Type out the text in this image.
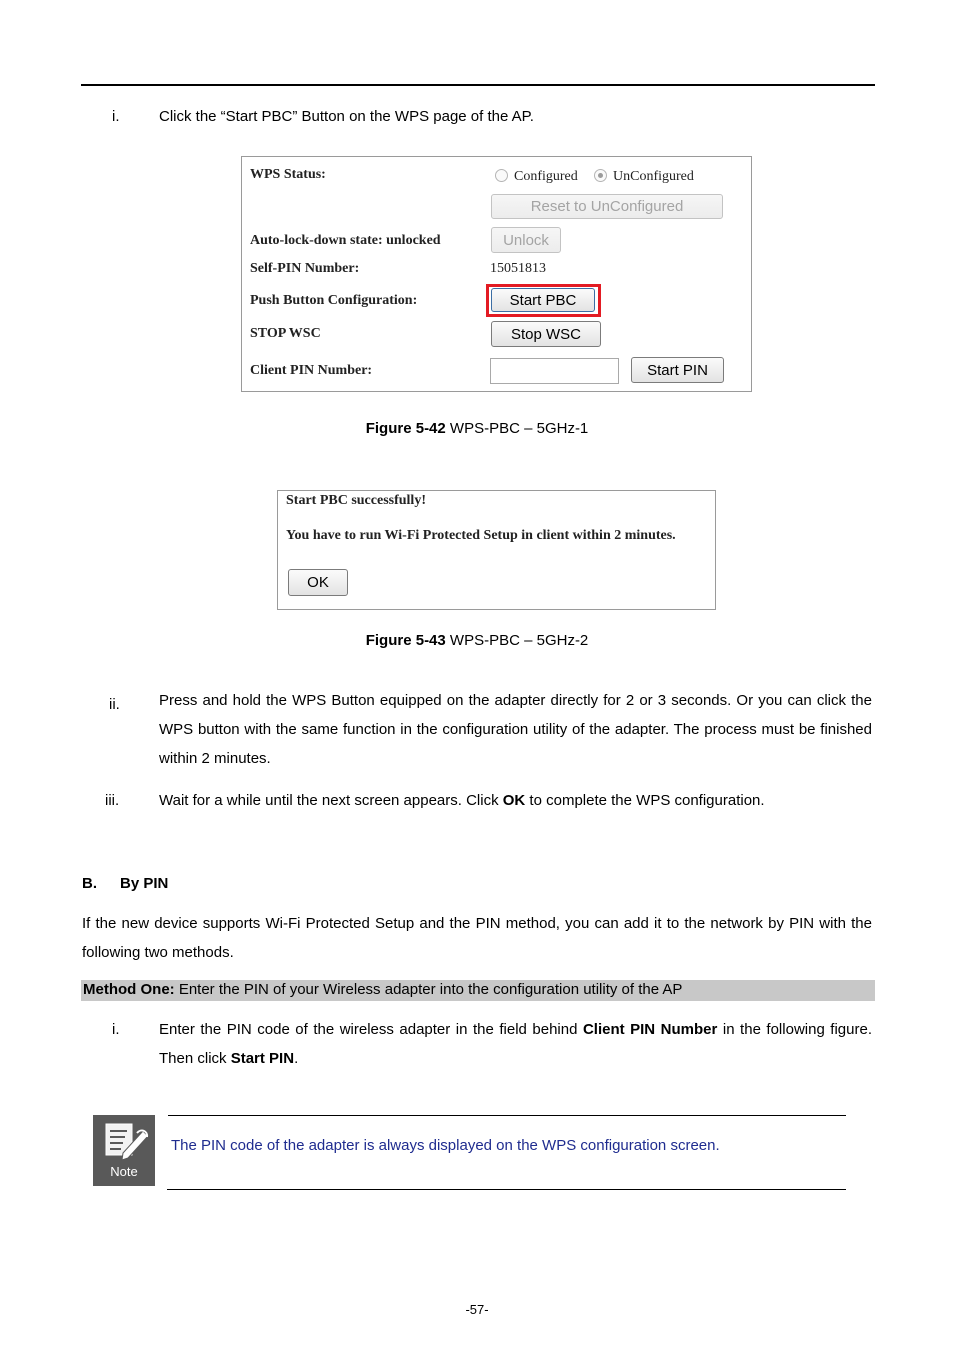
i.	Click the “Start PBC” Button on the WPS page of the AP.
WPS Status:	Configured	UnConfigured
Reset to UnConfigured
Auto-lock-down state: unlocked	Unlock
Self-PIN Number:	15051813
Push Button Configuration:	Start PBC
STOP WSC	Stop WSC
Client PIN Number:	Start PIN
Figure 5-42 WPS-PBC – 5GHz-1
Start PBC successfully!
You have to run Wi-Fi Protected Setup in client within 2 minutes.
OK
Figure 5-43 WPS-PBC – 5GHz-2
ii.	Press and hold the WPS Button equipped on the adapter directly for 2 or 3 seconds. Or you can click the WPS button with the same function in the configuration utility of the adapter. The process must be finished within 2 minutes.
iii.	Wait for a while until the next screen appears. Click OK to complete the WPS configuration.
B. By PIN
If the new device supports Wi-Fi Protected Setup and the PIN method, you can add it to the network by PIN with the following two methods.
Method One: Enter the PIN of your Wireless adapter into the configuration utility of the AP
i.	Enter the PIN code of the wireless adapter in the field behind Client PIN Number in the following figure. Then click Start PIN.
Note
The PIN code of the adapter is always displayed on the WPS configuration screen.
-57-
